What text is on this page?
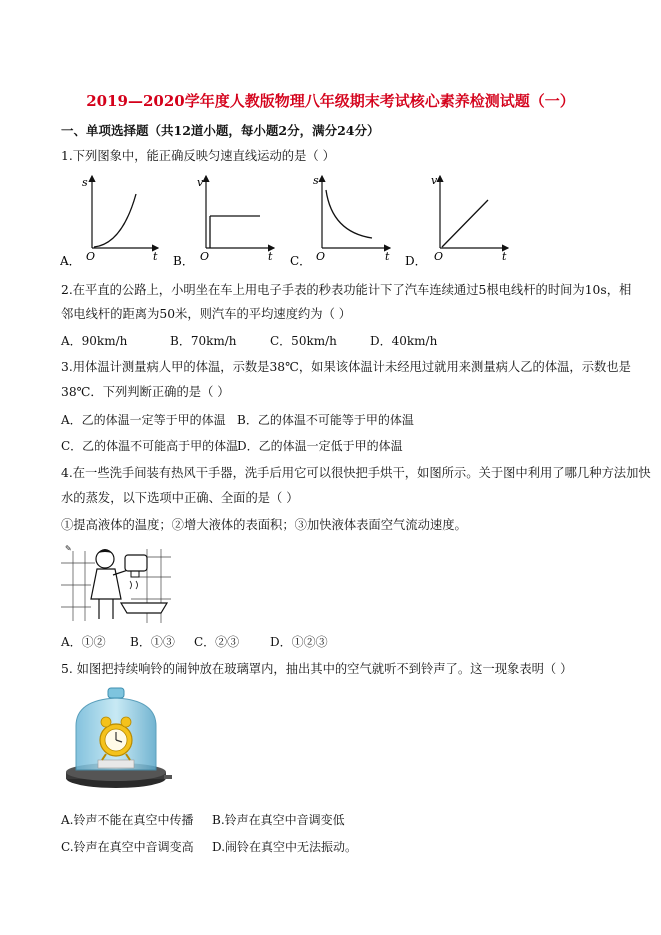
2019—2020学年度人教版物理八年级期末考试核心素养检测试题（一）
一、单项选择题（共12道小题，每小题2分，满分24分）
1.下列图象中，能正确反映匀速直线运动的是（ ）
s
t
O
A．
v
t
O
B．
s
t
O
C．
v
t
O
D．
2.在平直的公路上，小明坐在车上用电子手表的秒表功能计下了汽车连续通过5根电线杆的时间为10s，相
邻电线杆的距离为50米，则汽车的平均速度约为（ ）
A．90km/h	B．70km/h	C．50km/h	D．40km/h
3.用体温计测量病人甲的体温，示数是38℃，如果该体温计未经甩过就用来测量病人乙的体温，示数也是
38℃．下列判断正确的是（ ）
A．乙的体温一定等于甲的体温 B．乙的体温不可能等于甲的体温
C．乙的体温不可能高于甲的体温
D．乙的体温一定低于甲的体温
4.在一些洗手间装有热风干手器，洗手后用它可以很快把手烘干，如图所示。关于图中利用了哪几种方法加快
水的蒸发，以下选项中正确、全面的是（ ）
①提高液体的温度；②增大液体的表面积；③加快液体表面空气流动速度。
✎
A．①② B．①③ C．②③	D．①②③
5. 如图把持续响铃的闹钟放在玻璃罩内，抽出其中的空气就听不到铃声了。这一现象表明（ ）
A.铃声不能在真空中传播 B.铃声在真空中音调变低
C.铃声在真空中音调变高 D.闹铃在真空中无法振动。
